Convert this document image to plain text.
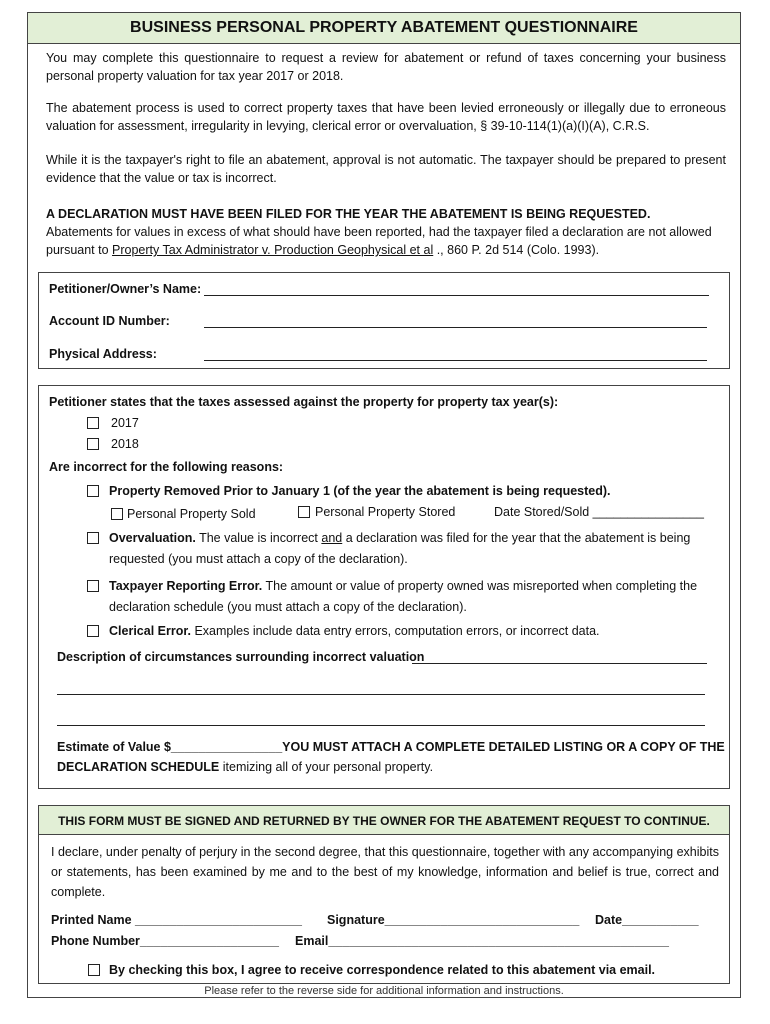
BUSINESS PERSONAL PROPERTY ABATEMENT QUESTIONNAIRE

You may complete this questionnaire to request a review for abatement or refund of taxes concerning your business personal property valuation for tax year 2017 or 2018.

The abatement process is used to correct property taxes that have been levied erroneously or illegally due to erroneous valuation for assessment, irregularity in levying, clerical error or overvaluation, § 39-10-114(1)(a)(I)(A), C.R.S.

While it is the taxpayer's right to file an abatement, approval is not automatic. The taxpayer should be prepared to present evidence that the value or tax is incorrect.

A DECLARATION MUST HAVE BEEN FILED FOR THE YEAR THE ABATEMENT IS BEING REQUESTED.

Abatements for values in excess of what should have been reported, had the taxpayer filed a declaration are not allowed pursuant to Property Tax Administrator v. Production Geophysical et al ., 860 P. 2d 514 (Colo. 1993).

Petitioner/Owner’s Name:
Account ID Number:
Physical Address:
Petitioner states that the taxes assessed against the property for property tax year(s):
2017
2018
Are incorrect for the following reasons:
Property Removed Prior to January 1 (of the year the abatement is being requested).
Personal Property Sold	Personal Property Stored	Date Stored/Sold ________________
Overvaluation. The value is incorrect and a declaration was filed for the year that the abatement is being
requested (you must attach a copy of the declaration).
Taxpayer Reporting Error. The amount or value of property owned was misreported when completing the
declaration schedule (you must attach a copy of the declaration).
Clerical Error. Examples include data entry errors, computation errors, or incorrect data.
Description of circumstances surrounding incorrect valuation
Estimate of Value $________________YOU MUST ATTACH A COMPLETE DETAILED LISTING OR A COPY OF THE
DECLARATION SCHEDULE itemizing all of your personal property.
THIS FORM MUST BE SIGNED AND RETURNED BY THE OWNER FOR THE ABATEMENT REQUEST TO CONTINUE.

I declare, under penalty of perjury in the second degree, that this questionnaire, together with any accompanying exhibits or statements, has been examined by me and to the best of my knowledge, information and belief is true, correct and complete.

Printed Name ________________________ Signature____________________________ Date___________
Phone Number____________________ Email_________________________________________________
By checking this box, I agree to receive correspondence related to this abatement via email.
Please refer to the reverse side for additional information and instructions.
